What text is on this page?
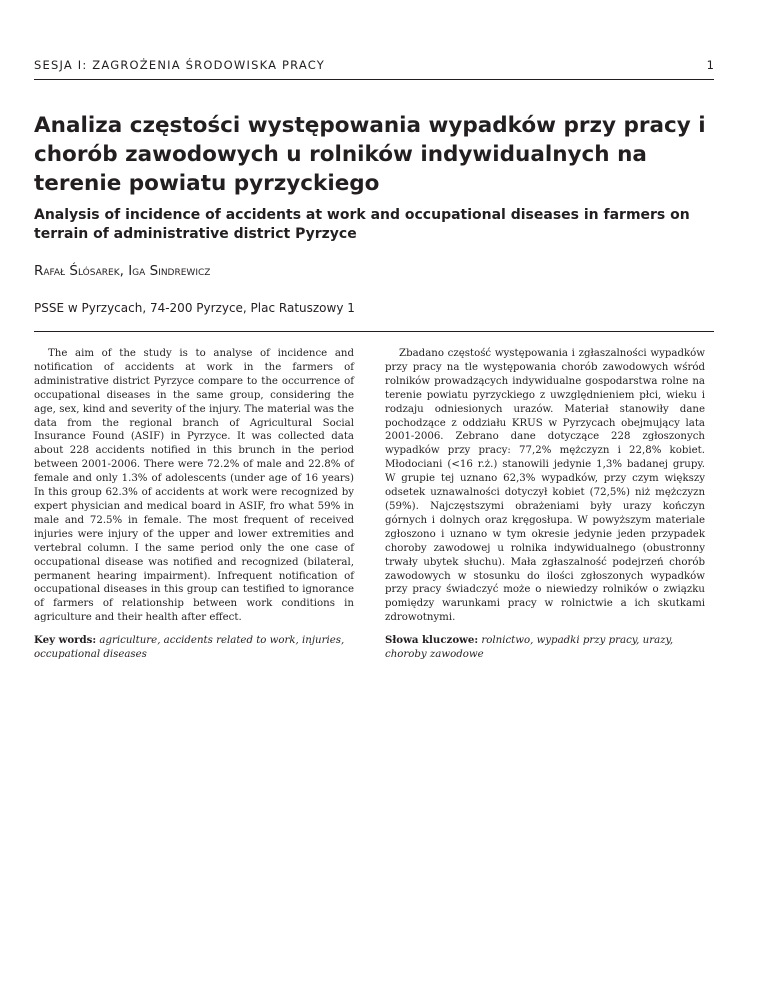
SESJA I: ZAGROŻENIA ŚRODOWISKA PRACY	1
Analiza częstości występowania wypadków przy pracy i chorób zawodowych u rolników indywidualnych na terenie powiatu pyrzyckiego
Analysis of incidence of accidents at work and occupational diseases in farmers on terrain of administrative district Pyrzyce
Rafał Ślósarek, Iga Sindrewicz
PSSE w Pyrzycach, 74-200 Pyrzyce, Plac Ratuszowy 1

The aim of the study is to analyse of incidence and notification of accidents at work in the farmers of administrative district Pyrzyce compare to the occurrence of occupational diseases in the same group, considering the age, sex, kind and severity of the injury. The material was the data from the regional branch of Agricultural Social Insurance Found (ASIF) in Pyrzyce. It was collected data about 228 accidents notified in this brunch in the period between 2001-2006. There were 72.2% of male and 22.8% of female and only 1.3% of adolescents (under age of 16 years) In this group 62.3% of accidents at work were recognized by expert physician and medical board in ASIF, fro what 59% in male and 72.5% in female. The most frequent of received injuries were injury of the upper and lower extremities and vertebral column. I the same period only the one case of occupational disease was notified and recognized (bilateral, permanent hearing impairment). Infrequent notification of occupational diseases in this group can testified to ignorance of farmers of relationship between work conditions in agriculture and their health after effect.

Key words: agriculture, accidents related to work, injuries, occupational diseases

Zbadano częstość występowania i zgłaszalności wypadków przy pracy na tle występowania chorób zawodowych wśród rolników prowadzących indywidualne gospodarstwa rolne na terenie powiatu pyrzyckiego z uwzględnieniem płci, wieku i rodzaju odniesionych urazów. Materiał stanowiły dane pochodzące z oddziału KRUS w Pyrzycach obejmujący lata 2001-2006. Zebrano dane dotyczące 228 zgłoszonych wypadków przy pracy: 77,2% mężczyzn i 22,8% kobiet. Młodociani (<16 r.ż.) stanowili jedynie 1,3% badanej grupy. W grupie tej uznano 62,3% wypadków, przy czym większy odsetek uznawalności dotyczył kobiet (72,5%) niż mężczyzn (59%). Najczęstszymi obrażeniami były urazy kończyn górnych i dolnych oraz kręgosłupa. W powyższym materiale zgłoszono i uznano w tym okresie jedynie jeden przypadek choroby zawodowej u rolnika indywidualnego (obustronny trwały ubytek słuchu). Mała zgłaszalność podejrzeń chorób zawodowych w stosunku do ilości zgłoszonych wypadków przy pracy świadczyć może o niewiedzy rolników o związku pomiędzy warunkami pracy w rolnictwie a ich skutkami zdrowotnymi.

Słowa kluczowe: rolnictwo, wypadki przy pracy, urazy, choroby zawodowe
